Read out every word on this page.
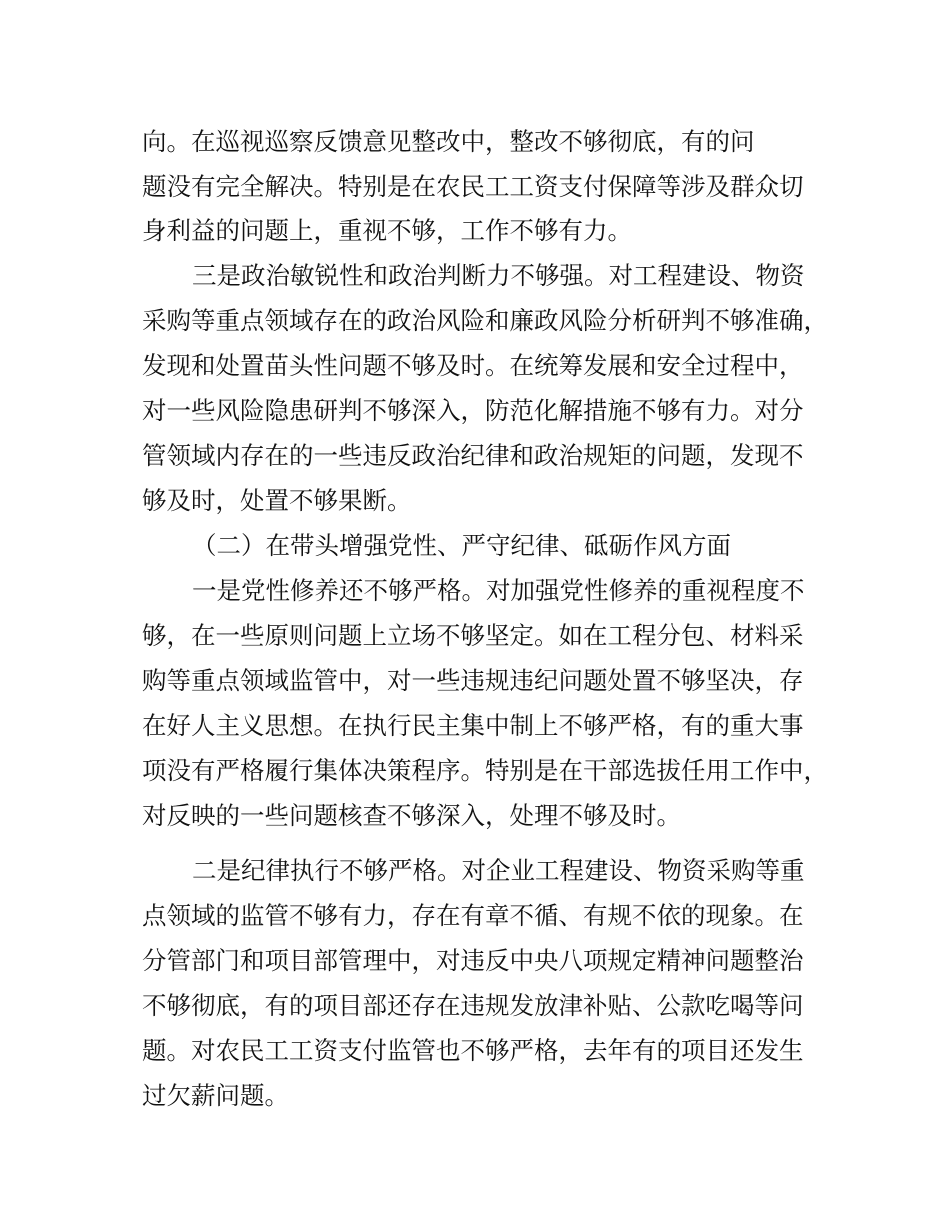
向。在巡视巡察反馈意见整改中，整改不够彻底，有的问
题没有完全解决。特别是在农民工工资支付保障等涉及群众切
身利益的问题上，重视不够，工作不够有力。
三是政治敏锐性和政治判断力不够强。对工程建设、物资
采购等重点领域存在的政治风险和廉政风险分析研判不够准确，
发现和处置苗头性问题不够及时。在统筹发展和安全过程中，
对一些风险隐患研判不够深入，防范化解措施不够有力。对分
管领域内存在的一些违反政治纪律和政治规矩的问题，发现不
够及时，处置不够果断。
（二）在带头增强党性、严守纪律、砥砺作风方面
一是党性修养还不够严格。对加强党性修养的重视程度不
够，在一些原则问题上立场不够坚定。如在工程分包、材料采
购等重点领域监管中，对一些违规违纪问题处置不够坚决，存
在好人主义思想。在执行民主集中制上不够严格，有的重大事
项没有严格履行集体决策程序。特别是在干部选拔任用工作中，
对反映的一些问题核查不够深入，处理不够及时。
二是纪律执行不够严格。对企业工程建设、物资采购等重
点领域的监管不够有力，存在有章不循、有规不依的现象。在
分管部门和项目部管理中，对违反中央八项规定精神问题整治
不够彻底，有的项目部还存在违规发放津补贴、公款吃喝等问
题。对农民工工资支付监管也不够严格，去年有的项目还发生
过欠薪问题。
